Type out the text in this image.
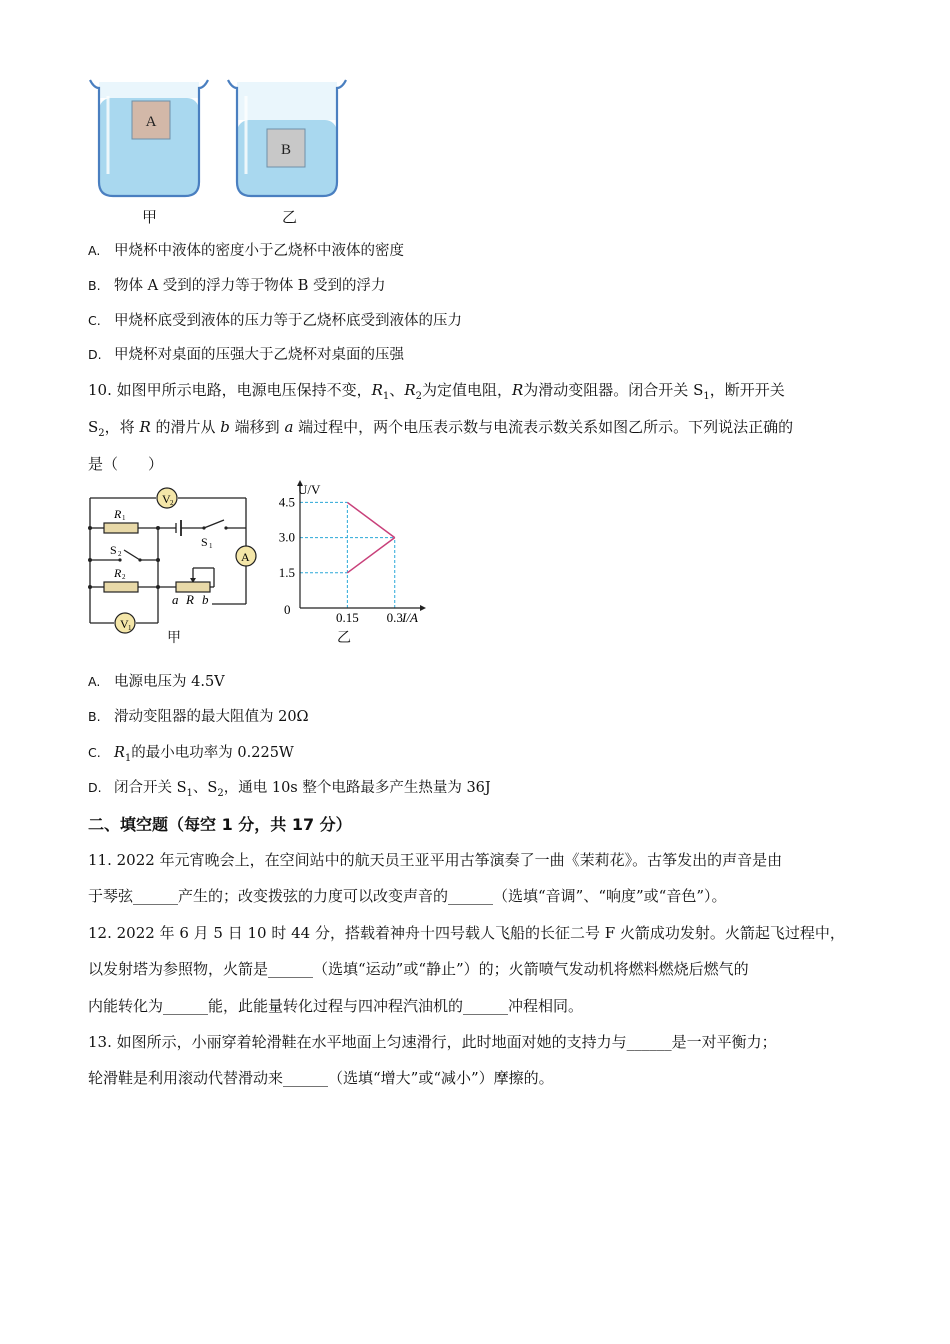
A
B
甲	乙
A. 甲烧杯中液体的密度小于乙烧杯中液体的密度
B. 物体 A 受到的浮力等于物体 B 受到的浮力
C. 甲烧杯底受到液体的压力等于乙烧杯底受到液体的压力
D. 甲烧杯对桌面的压强大于乙烧杯对桌面的压强
10. 如图甲所示电路，电源电压保持不变，$R_1$、$R_2$为定值电阻，R为滑动变阻器。闭合开关 $S_1$，断开开关
$S_2$，将 R 的滑片从 b 端移到 a 端过程中，两个电压表示数与电流表示数关系如图乙所示。下列说法正确的
是（　　）
V 2
V 1
A
R 1
R 2
S 1
S 2
a R b
甲
1.5
3.0
4.5
0.15 0.3
U/V
I/A
0
乙
A. 电源电压为 4.5V
B. 滑动变阻器的最大阻值为 20Ω
C. $R_1$的最小电功率为 0.225W
D. 闭合开关 $S_1$、$S_2$，通电 10s 整个电路最多产生热量为 36J
二、填空题（每空 1 分，共 17 分）
11. 2022 年元宵晚会上，在空间站中的航天员王亚平用古筝演奏了一曲《茉莉花》。古筝发出的声音是由
于琴弦______产生的；改变拨弦的力度可以改变声音的______（选填“音调”、“响度”或“音色”）。
12. 2022 年 6 月 5 日 10 时 44 分，搭载着神舟十四号载人飞船的长征二号 F 火箭成功发射。火箭起飞过程中，
以发射塔为参照物，火箭是______（选填“运动”或“静止”）的；火箭喷气发动机将燃料燃烧后燃气的
内能转化为______能，此能量转化过程与四冲程汽油机的______冲程相同。
13. 如图所示，小丽穿着轮滑鞋在水平地面上匀速滑行，此时地面对她的支持力与______是一对平衡力；
轮滑鞋是利用滚动代替滑动来______（选填“增大”或“减小”）摩擦的。
